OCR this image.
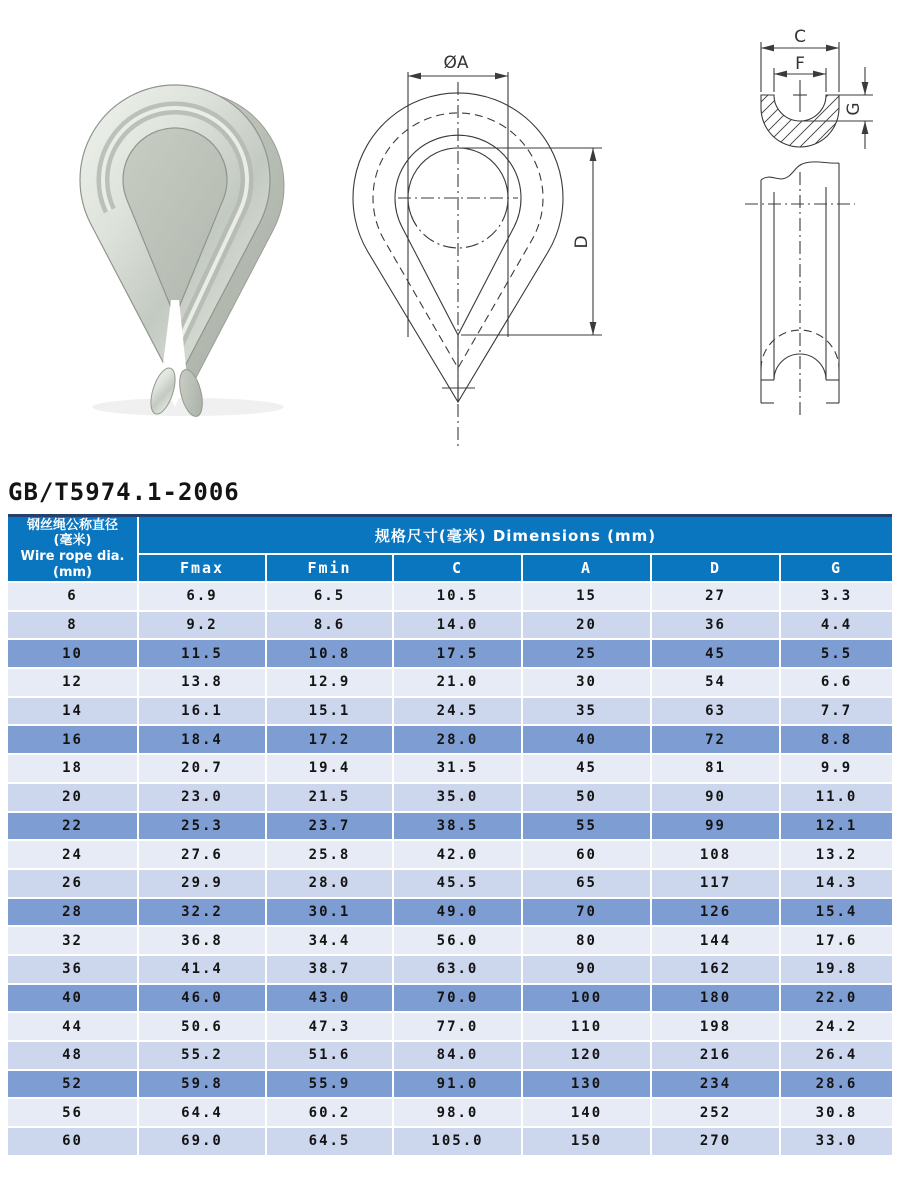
ØA
D
C
F
G
GB/T5974.1-2006
钢丝绳公称直径
(毫米)
Wire rope dia.
(mm)	规格尺寸(毫米) Dimensions (mm)					
	Fmax	Fmin	C	A	D	G
6	6.9	6.5	10.5	15	27	3.3
8	9.2	8.6	14.0	20	36	4.4
10	11.5	10.8	17.5	25	45	5.5
12	13.8	12.9	21.0	30	54	6.6
14	16.1	15.1	24.5	35	63	7.7
16	18.4	17.2	28.0	40	72	8.8
18	20.7	19.4	31.5	45	81	9.9
20	23.0	21.5	35.0	50	90	11.0
22	25.3	23.7	38.5	55	99	12.1
24	27.6	25.8	42.0	60	108	13.2
26	29.9	28.0	45.5	65	117	14.3
28	32.2	30.1	49.0	70	126	15.4
32	36.8	34.4	56.0	80	144	17.6
36	41.4	38.7	63.0	90	162	19.8
40	46.0	43.0	70.0	100	180	22.0
44	50.6	47.3	77.0	110	198	24.2
48	55.2	51.6	84.0	120	216	26.4
52	59.8	55.9	91.0	130	234	28.6
56	64.4	60.2	98.0	140	252	30.8
60	69.0	64.5	105.0	150	270	33.0
